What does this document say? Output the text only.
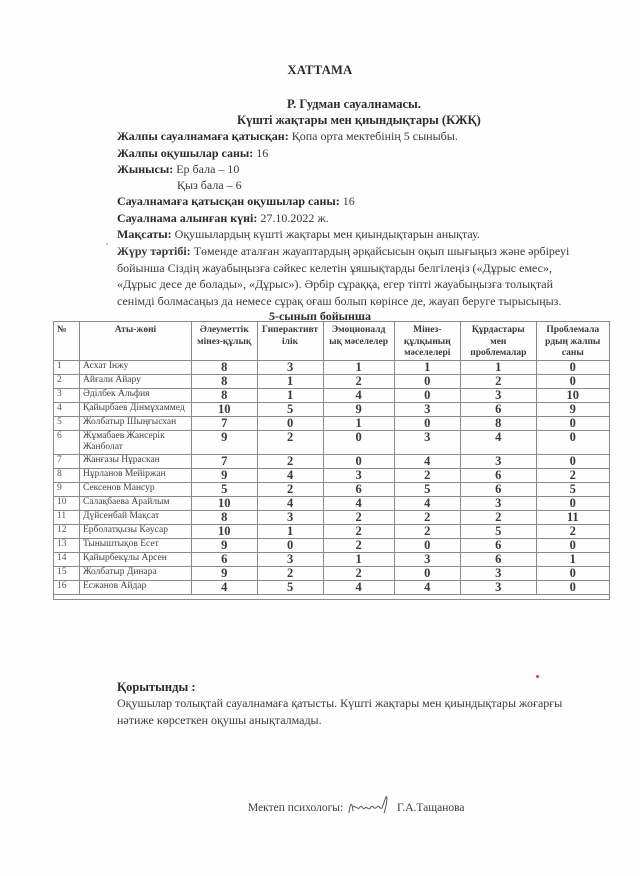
ХАТТАМА
Р. Гудман сауалнамасы.
Күшті жақтары мен қиындықтары (КЖҚ)
Жалпы сауалнамаға қатысқан: Қопа орта мектебінің 5 сыныбы.
Жалпы оқушылар саны: 16
Жынысы: Ер бала – 10
Қыз бала – 6
Сауалнамаға қатысқан оқушылар саны: 16
Сауалнама алынған күні: 27.10.2022 ж.
Мақсаты: Оқушылардың күшті жақтары мен қиындықтарын анықтау.
Жүру тәртібі: Төменде аталған жауаптардың әрқайсысын оқып шығыңыз және әрбіреуі бойынша Сіздің жауабыңызға сәйкес келетін ұяшықтарды белгілеңіз («Дұрыс емес», «Дұрыс десе де болады», «Дұрыс»). Әрбір сұраққа, егер тіпті жауабыңызға толықтай сенімді болмасаңыз да немесе сұрақ оғаш болып көрінсе де, жауап беруге тырысыңыз.
5-сынып бойынша
№	Аты-жөні	Әлеуметтік мінез-құлық	Гиперактивт ілік	Эмоционалд ық мәселелер	Мінез-құлқының мәселелері	Құрдастары мен проблемалар	Проблемала рдың жалпы саны
1	Асхат Інжу	8	3	1	1	1	0
2	Айғали Айару	8	1	2	0	2	0
3	Әділбек Альфия	8	1	4	0	3	10
4	Қайырбаев Дінмұхаммед	10	5	9	3	6	9
5	Жолбатыр Шыңғысхан	7	0	1	0	8	0
6	Жұмабаев Жансерік Жанболат	9	2	0	3	4	0
7	Жанғазы Нұраскан	7	2	0	4	3	0
8	Нұрланов Мейіржан	9	4	3	2	6	2
9	Сексенов Мансур	5	2	6	5	6	5
10	Салақбаева Арайлым	10	4	4	4	3	0
11	Дүйсенбай Мақсат	8	3	2	2	2	11
12	Ерболатқызы Кәусар	10	1	2	2	5	2
13	Тыныштықов Есет	9	0	2	0	6	0
14	Қайырбекұлы Арсен	6	3	1	3	6	1
15	Жолбатыр Динара	9	2	2	0	3	0
16	Есжанов Айдар	4	5	4	4	3	0

Қорытынды :
Оқушылар толықтай сауалнамаға қатысты. Күшті жақтары мен қиындықтары жоғарғы нәтиже көрсеткен оқушы анықталмады.
Мектеп психологы:	Г.А.Тащанова
